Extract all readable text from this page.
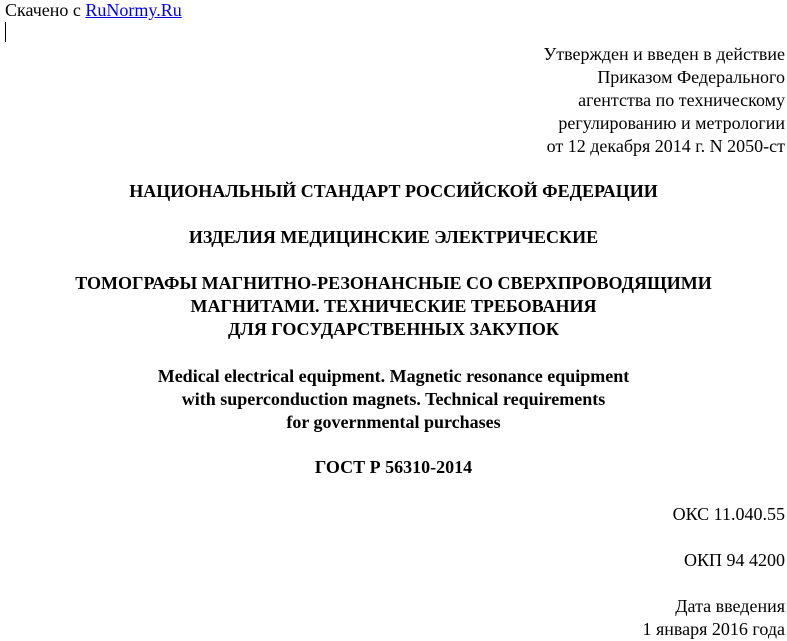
Скачено с RuNormy.Ru
Утвержден и введен в действие
Приказом Федерального
агентства по техническому
регулированию и метрологии
от 12 декабря 2014 г. N 2050-ст
НАЦИОНАЛЬНЫЙ СТАНДАРТ РОССИЙСКОЙ ФЕДЕРАЦИИ
ИЗДЕЛИЯ МЕДИЦИНСКИЕ ЭЛЕКТРИЧЕСКИЕ
ТОМОГРАФЫ МАГНИТНО-РЕЗОНАНСНЫЕ СО СВЕРХПРОВОДЯЩИМИ
МАГНИТАМИ. ТЕХНИЧЕСКИЕ ТРЕБОВАНИЯ
ДЛЯ ГОСУДАРСТВЕННЫХ ЗАКУПОК
Medical electrical equipment. Magnetic resonance equipment
with superconduction magnets. Technical requirements
for governmental purchases
ГОСТ Р 56310-2014
ОКС 11.040.55
ОКП 94 4200
Дата введения
1 января 2016 года
